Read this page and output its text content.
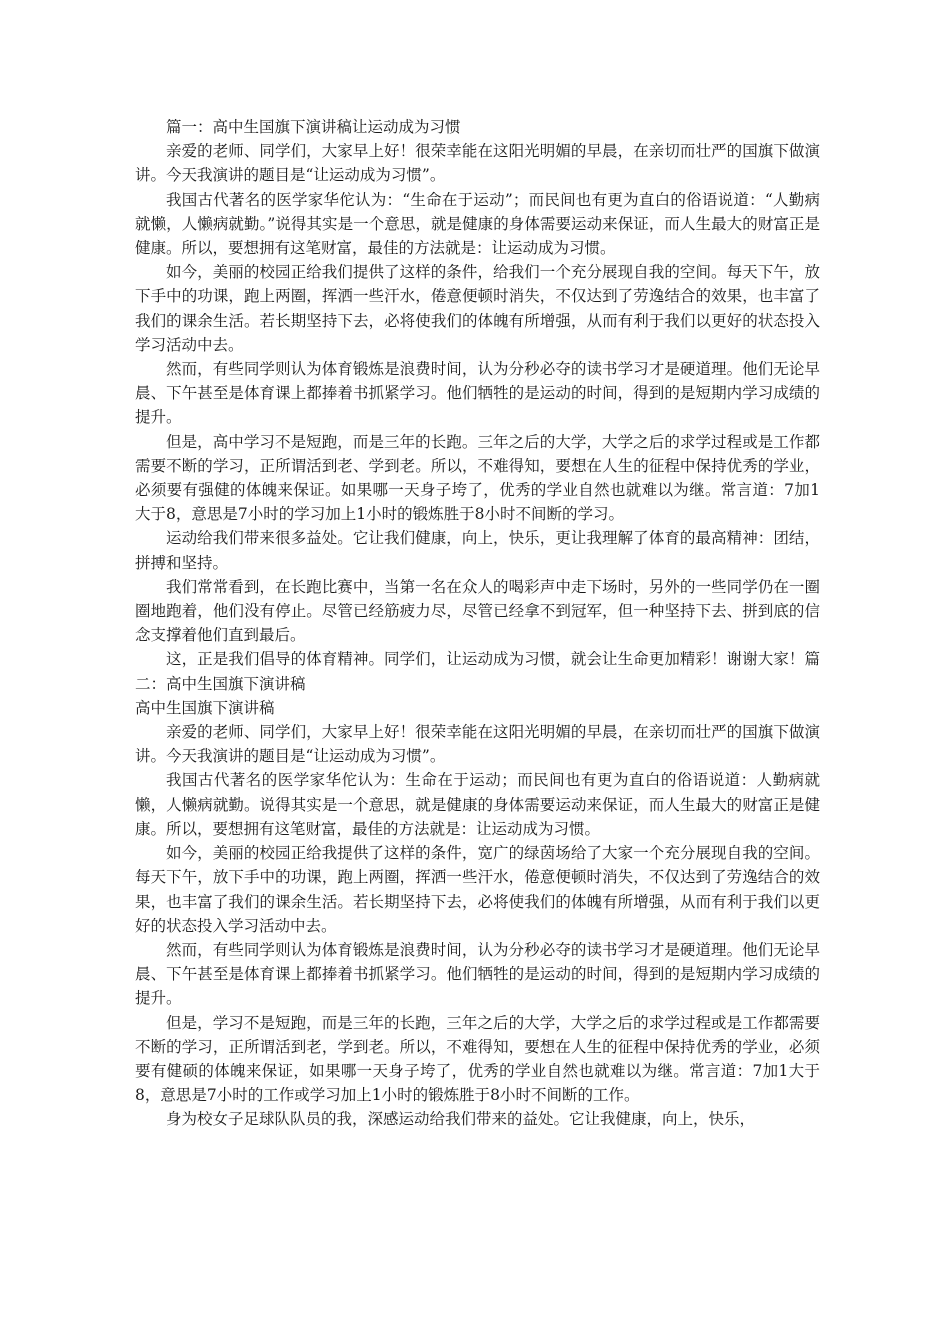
篇一：高中生国旗下演讲稿让运动成为习惯

亲爱的老师、同学们，大家早上好！很荣幸能在这阳光明媚的早晨，在亲切而壮严的国旗下做演讲。今天我演讲的题目是“让运动成为习惯”。

我国古代著名的医学家华佗认为：“生命在于运动”；而民间也有更为直白的俗语说道：“人勤病就懒，人懒病就勤。”说得其实是一个意思，就是健康的身体需要运动来保证，而人生最大的财富正是健康。所以，要想拥有这笔财富，最佳的方法就是：让运动成为习惯。

如今，美丽的校园正给我们提供了这样的条件，给我们一个充分展现自我的空间。每天下午，放下手中的功课，跑上两圈，挥洒一些汗水，倦意便顿时消失，不仅达到了劳逸结合的效果，也丰富了我们的课余生活。若长期坚持下去，必将使我们的体魄有所增强，从而有利于我们以更好的状态投入学习活动中去。

然而，有些同学则认为体育锻炼是浪费时间，认为分秒必夺的读书学习才是硬道理。他们无论早晨、下午甚至是体育课上都捧着书抓紧学习。他们牺牲的是运动的时间，得到的是短期内学习成绩的提升。

但是，高中学习不是短跑，而是三年的长跑。三年之后的大学，大学之后的求学过程或是工作都需要不断的学习，正所谓活到老、学到老。所以，不难得知，要想在人生的征程中保持优秀的学业，必须要有强健的体魄来保证。如果哪一天身子垮了，优秀的学业自然也就难以为继。常言道：7加1大于8，意思是7小时的学习加上1小时的锻炼胜于8小时不间断的学习。

运动给我们带来很多益处。它让我们健康，向上，快乐，更让我理解了体育的最高精神：团结，拼搏和坚持。

我们常常看到，在长跑比赛中，当第一名在众人的喝彩声中走下场时，另外的一些同学仍在一圈圈地跑着，他们没有停止。尽管已经筋疲力尽，尽管已经拿不到冠军，但一种坚持下去、拼到底的信念支撑着他们直到最后。

这，正是我们倡导的体育精神。同学们，让运动成为习惯，就会让生命更加精彩！谢谢大家！篇二：高中生国旗下演讲稿

高中生国旗下演讲稿

亲爱的老师、同学们，大家早上好！很荣幸能在这阳光明媚的早晨，在亲切而壮严的国旗下做演讲。今天我演讲的题目是“让运动成为习惯”。

我国古代著名的医学家华佗认为：生命在于运动；而民间也有更为直白的俗语说道：人勤病就懒，人懒病就勤。说得其实是一个意思，就是健康的身体需要运动来保证，而人生最大的财富正是健康。所以，要想拥有这笔财富，最佳的方法就是：让运动成为习惯。

如今，美丽的校园正给我提供了这样的条件，宽广的绿茵场给了大家一个充分展现自我的空间。每天下午，放下手中的功课，跑上两圈，挥洒一些汗水，倦意便顿时消失，不仅达到了劳逸结合的效果，也丰富了我们的课余生活。若长期坚持下去，必将使我们的体魄有所增强，从而有利于我们以更好的状态投入学习活动中去。

然而，有些同学则认为体育锻炼是浪费时间，认为分秒必夺的读书学习才是硬道理。他们无论早晨、下午甚至是体育课上都捧着书抓紧学习。他们牺牲的是运动的时间，得到的是短期内学习成绩的提升。

但是，学习不是短跑，而是三年的长跑，三年之后的大学，大学之后的求学过程或是工作都需要不断的学习，正所谓活到老，学到老。所以，不难得知，要想在人生的征程中保持优秀的学业，必须要有健硕的体魄来保证，如果哪一天身子垮了，优秀的学业自然也就难以为继。常言道：7加1大于8，意思是7小时的工作或学习加上1小时的锻炼胜于8小时不间断的工作。

身为校女子足球队队员的我，深感运动给我们带来的益处。它让我健康，向上，快乐，
